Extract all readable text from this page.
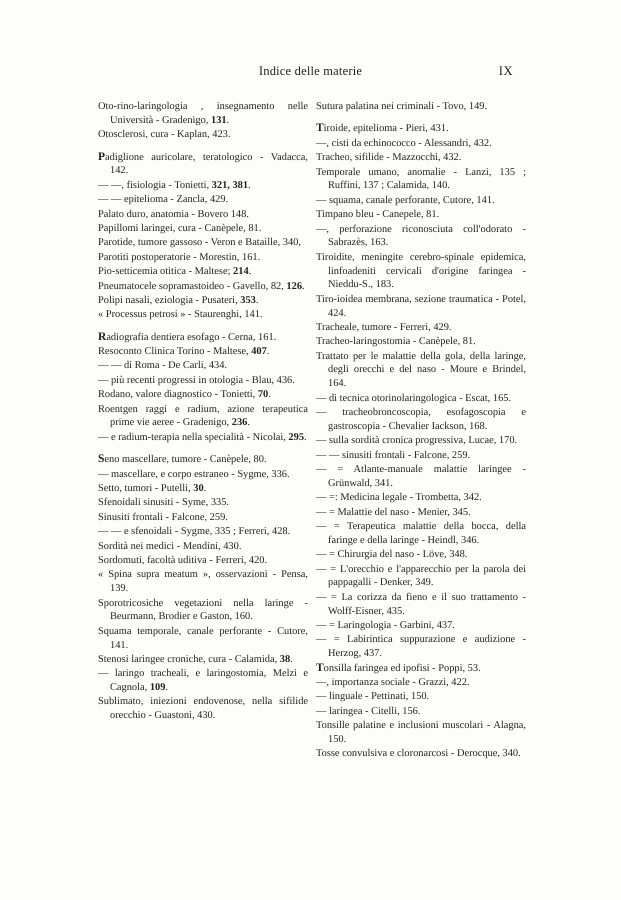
Indice delle materie	IX
Oto-rino-laringologia , insegnamento nelle Università - Gradenigo, 131.
Otosclerosi, cura - Kaplan, 423.
Padiglione auricolare, teratologico - Vadacca, 142.
— —, fisiologia - Tonietti, 321, 381.
— — epitelioma - Zancla, 429.
Palato duro, anatomia - Bovero 148.
Papillomi laringei, cura - Canèpele, 81.
Parotide, tumore gassoso - Veron e Bataille, 340,
Parotiti postoperatorie - Morestin, 161.
Pio-setticemia otitica - Maltese; 214.
Pneumatocele sopramastoideo - Gavello, 82, 126.
Polipi nasali, eziologia - Pusateri, 353.
« Processus petrosi » - Staurenghi, 141.
Radiografia dentiera esofago - Cerna, 161.
Resoconto Clinica Torino - Maltese, 407.
— — di Roma - De Carli, 434.
— più recenti progressi in otologia - Blau, 436.
Rodano, valore diagnostico - Tonietti, 70.
Roentgen raggi e radium, azione terapeutica prime vie aeree - Gradenigo, 236.
— e radium-terapia nella specialità - Nicolai, 295.
Seno mascellare, tumore - Canèpele, 80.
— mascellare, e corpo estraneo - Sygme, 336.
Setto, tumori - Putelli, 30.
Sfenoidali sinusiti - Syme, 335.
Sinusiti frontali - Falcone, 259.
— — e sfenoidali - Sygme, 335 ; Ferreri, 428.
Sordità nei medici - Mendini, 430.
Sordomuti, facoltà uditiva - Ferreri, 420.
« Spina supra meatum », osservazioni - Pensa, 139.
Sporotricosiche vegetazioni nella laringe - Beurmann, Brodier e Gaston, 160.
Squama temporale, canale perforante - Cutore, 141.
Stenosi laringee croniche, cura - Calamida, 38.
— laringo tracheali, e laringostomia, Melzi e Cagnola, 109.
Sublimato, iniezioni endovenose, nella sifilide orecchio - Guastoni, 430.
Sutura palatina nei criminali - Tovo, 149.
Tiroide, epitelioma - Pieri, 431.
—, cisti da echinococco - Alessandri, 432.
Tracheo, sifilide - Mazzocchi, 432.
Temporale umano, anomalie - Lanzi, 135 ; Ruffini, 137 ; Calamida, 140.
— squama, canale perforante, Cutore, 141.
Timpano bleu - Canepele, 81.
—, perforazione riconosciuta coll'odorato - Sabrazès, 163.
Tiroidite, meningite cerebro-spinale epidemica, linfoadeniti cervicali d'origine faringea - Nieddu-S., 183.
Tiro-ioidea membrana, sezione traumatica - Potel, 424.
Tracheale, tumore - Ferreri, 429.
Tracheo-laringostomia - Canèpele, 81.
Trattato per le malattie della gola, della laringe, degli orecchi e del naso - Moure e Brindel, 164.
— di tecnica otorinolaringologica - Escat, 165.
— tracheobroncoscopia, esofagoscopia e gastroscopia - Chevalier Iackson, 168.
— sulla sordità cronica progressiva, Lucae, 170.
— — sinusiti frontali - Falcone, 259.
— = Atlante-manuale malattie laringee - Grünwald, 341.
— =: Medicina legale - Trombetta, 342.
— = Malattie del naso - Menier, 345.
— = Terapeutica malattie della bocca, della faringe e della laringe - Heindl, 346.
— = Chirurgia del naso - Löve, 348.
— = L'orecchio e l'apparecchio per la parola dei pappagalli - Denker, 349.
— = La corizza da fieno e il suo trattamento - Wolff-Eisner, 435.
— = Laringologia - Garbini, 437.
— = Labirintica suppurazione e audizione - Herzog, 437.
Tonsilla faringea ed ipofisi - Poppi, 53.
—, importanza sociale - Grazzi, 422.
— linguale - Pettinati, 150.
— laringea - Citelli, 156.
Tonsille palatine e inclusioni muscolari - Alagna, 150.
Tosse convulsiva e cloronarcosi - Derocque, 340.
